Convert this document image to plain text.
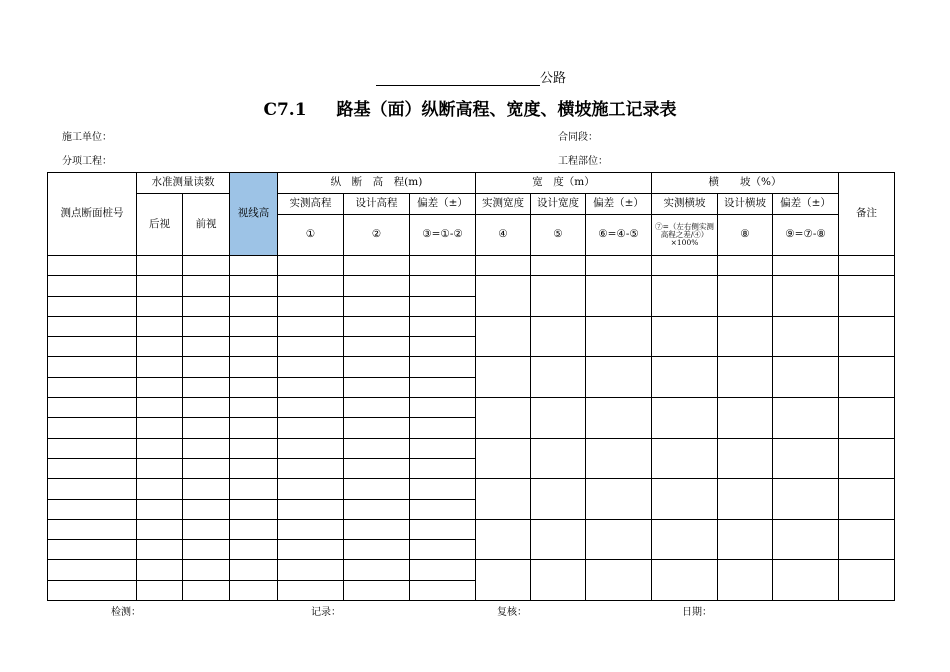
公路
C7.1 路基（面）纵断高程、宽度、横坡施工记录表
施工单位：	合同段：
分项工程：	工程部位：
测点断面桩号	水准测量读数		视线高	纵　断　高　程(m)			宽　度（m）			横　　坡（%）			备注
	后视	前视		实测高程	设计高程	偏差（±）	实测宽度	设计宽度	偏差（±）	实测横坡	设计横坡	偏差（±）	
				①	②	③=①-②	④	⑤	⑥=④-⑤	⑦=（左右侧实测高程之差/④）×100%	⑧	⑨=⑦-⑧	

检测：	记录：	复核：	日期：
